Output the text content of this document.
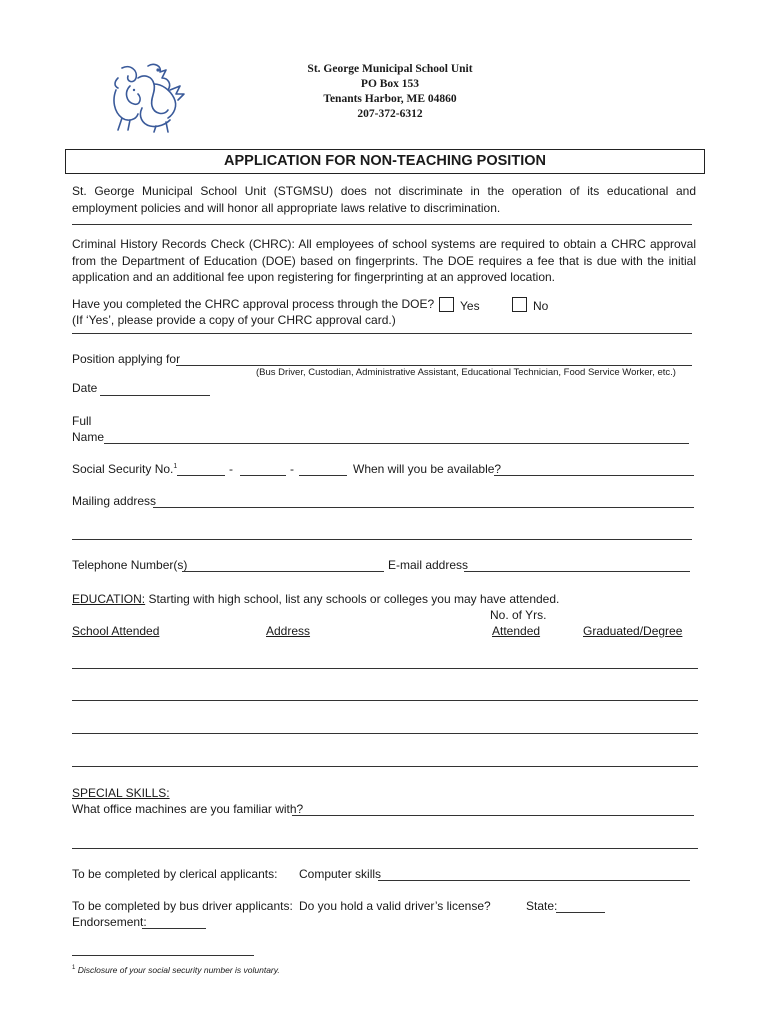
St. George Municipal School Unit
PO Box 153
Tenants Harbor, ME 04860
207-372-6312
APPLICATION FOR NON-TEACHING POSITION
St. George Municipal School Unit (STGMSU) does not discriminate in the operation of its educational and employment policies and will honor all appropriate laws relative to discrimination.
Criminal History Records Check (CHRC): All employees of school systems are required to obtain a CHRC approval from the Department of Education (DOE) based on fingerprints. The DOE requires a fee that is due with the initial application and an additional fee upon registering for fingerprinting at an approved location.
Have you completed the CHRC approval process through the DOE?	Yes	No
(If ‘Yes’, please provide a copy of your CHRC approval card.)
Position applying for
(Bus Driver, Custodian, Administrative Assistant, Educational Technician, Food Service Worker, etc.)
Date
Full
Name
Social Security No.$^1$	-	-	When will you be available?
Mailing address
Telephone Number(s)	E-mail address
EDUCATION: Starting with high school, list any schools or colleges you may have attended.
No. of Yrs.
School Attended	Address	Attended	Graduated/Degree
SPECIAL SKILLS:
What office machines are you familiar with?
To be completed by clerical applicants: Computer skills
To be completed by bus driver applicants: Do you hold a valid driver’s license?	State:
Endorsement:
$^1$ Disclosure of your social security number is voluntary.
